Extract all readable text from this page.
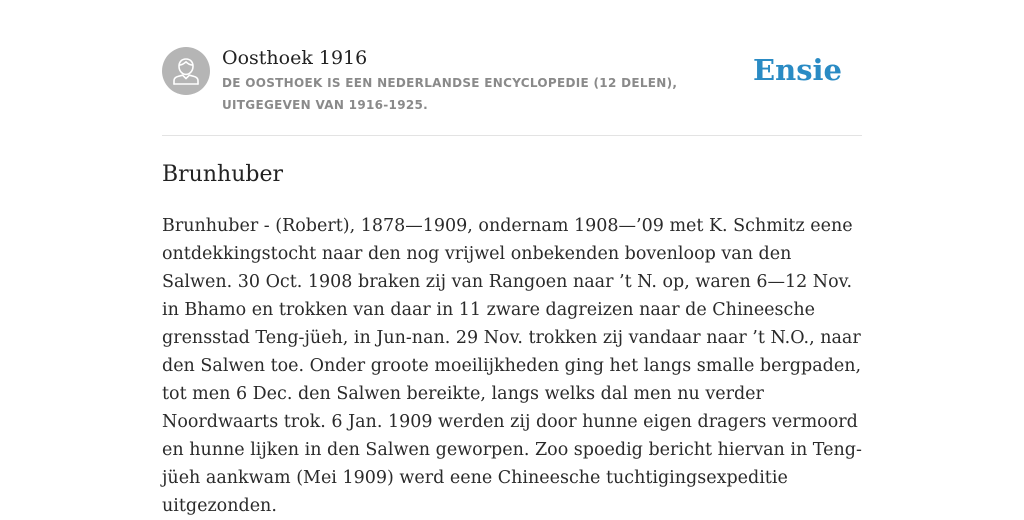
Oosthoek 1916
DE OOSTHOEK IS EEN NEDERLANDSE ENCYCLOPEDIE (12 DELEN), UITGEGEVEN VAN 1916-1925.
Ensie
Brunhuber

Brunhuber - (Robert), 1878—1909, ondernam 1908—’09 met K. Schmitz eene ontdekkingstocht naar den nog vrijwel onbekenden bovenloop van den Salwen. 30 Oct. 1908 braken zij van Rangoen naar ’t N. op, waren 6—12 Nov. in Bhamo en trokken van daar in 11 zware dagreizen naar de Chineesche grensstad Teng-jüeh, in Jun-nan. 29 Nov. trokken zij vandaar naar ’t N.O., naar den Salwen toe. Onder groote moeilijkheden ging het langs smalle bergpaden, tot men 6 Dec. den Salwen bereikte, langs welks dal men nu verder Noordwaarts trok. 6 Jan. 1909 werden zij door hunne eigen dragers vermoord en hunne lijken in den Salwen geworpen. Zoo spoedig bericht hiervan in Teng-jüeh aankwam (Mei 1909) werd eene Chineesche tuchtigingsexpeditie uitgezonden.
